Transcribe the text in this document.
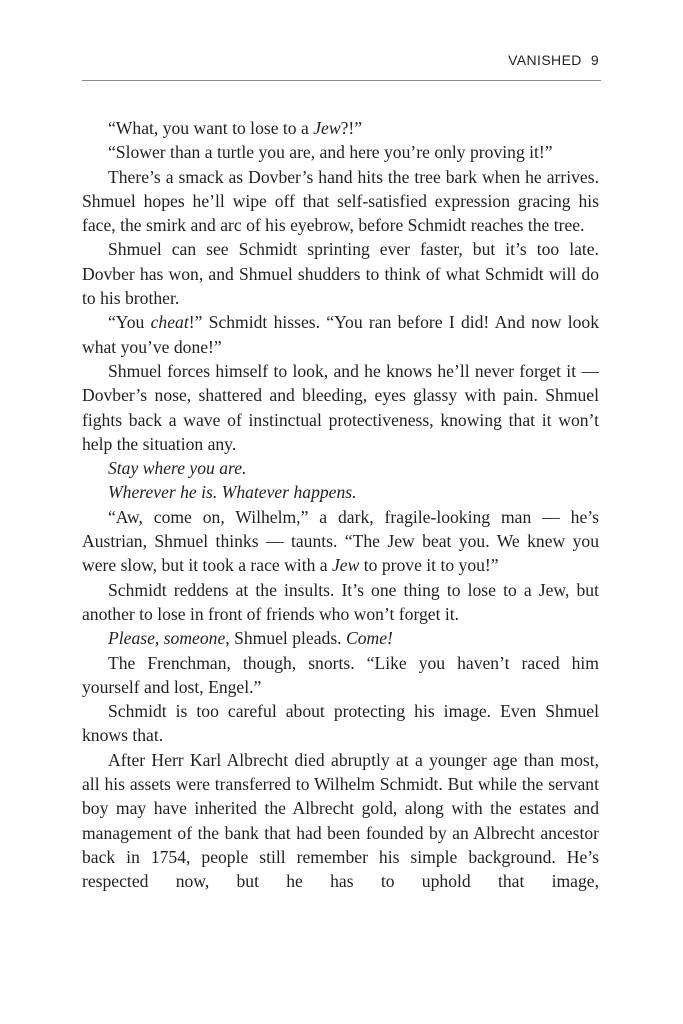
VANISHED 9

“What, you want to lose to a Jew?!”

“Slower than a turtle you are, and here you’re only proving it!”

There’s a smack as Dovber’s hand hits the tree bark when he arrives. Shmuel hopes he’ll wipe off that self-satisfied expression gracing his face, the smirk and arc of his eyebrow, before Schmidt reaches the tree.

Shmuel can see Schmidt sprinting ever faster, but it’s too late. Dovber has won, and Shmuel shudders to think of what Schmidt will do to his brother.

“You cheat!” Schmidt hisses. “You ran before I did! And now look what you’ve done!”

Shmuel forces himself to look, and he knows he’ll never forget it — Dovber’s nose, shattered and bleeding, eyes glassy with pain. Shmuel fights back a wave of instinctual protectiveness, knowing that it won’t help the situation any.

Stay where you are.

Wherever he is. Whatever happens.

“Aw, come on, Wilhelm,” a dark, fragile-looking man — he’s Austrian, Shmuel thinks — taunts. “The Jew beat you. We knew you were slow, but it took a race with a Jew to prove it to you!”

Schmidt reddens at the insults. It’s one thing to lose to a Jew, but another to lose in front of friends who won’t forget it.

Please, someone, Shmuel pleads. Come!

The Frenchman, though, snorts. “Like you haven’t raced him yourself and lost, Engel.”

Schmidt is too careful about protecting his image. Even Shmuel knows that.

After Herr Karl Albrecht died abruptly at a younger age than most, all his assets were transferred to Wilhelm Schmidt. But while the servant boy may have inherited the Albrecht gold, along with the estates and management of the bank that had been founded by an Albrecht ancestor back in 1754, people still remember his simple background. He’s respected now, but he has to uphold that image,
